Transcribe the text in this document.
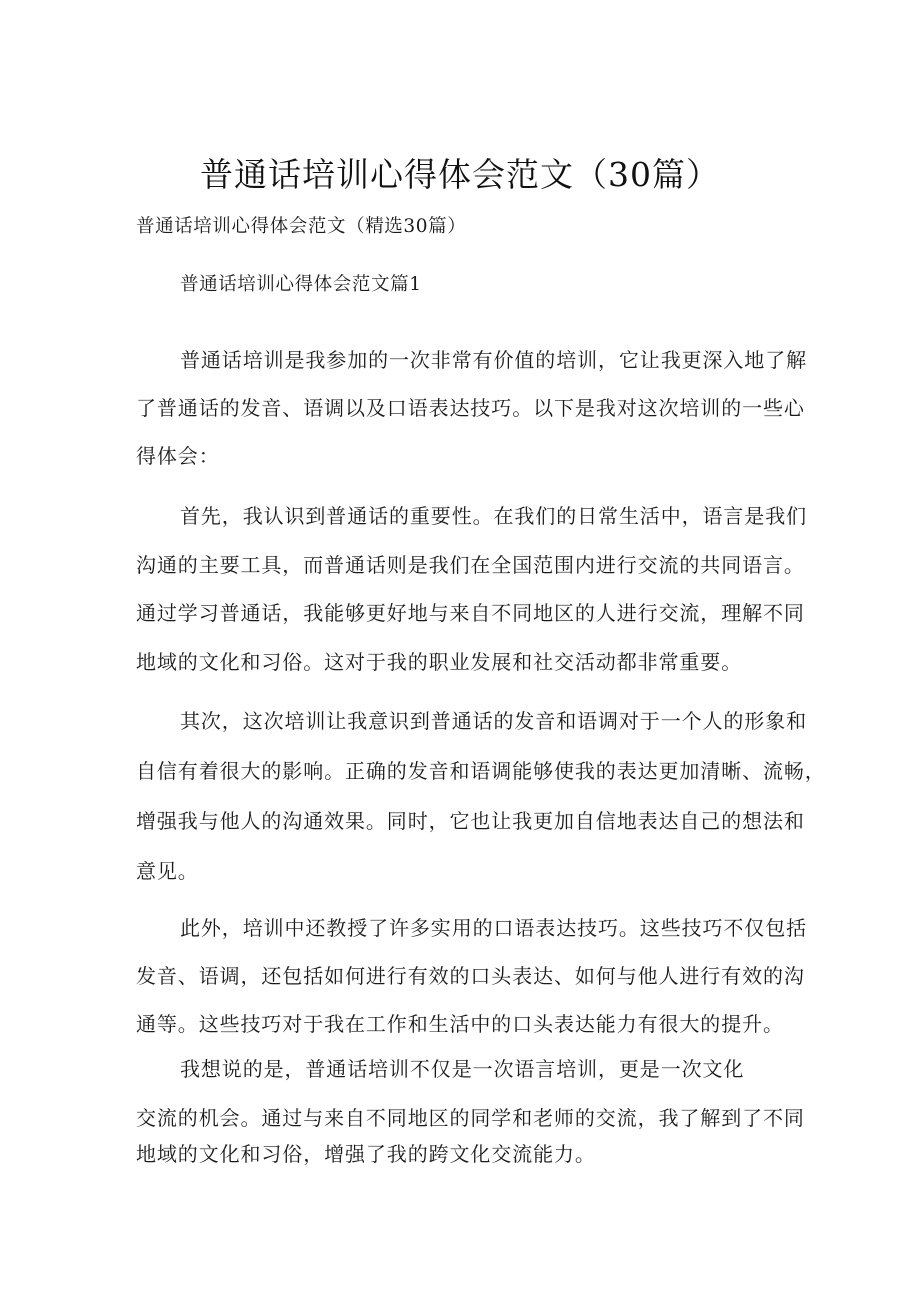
普通话培训心得体会范文（30篇）
普通话培训心得体会范文（精选30篇）
普通话培训心得体会范文篇1
普通话培训是我参加的一次非常有价值的培训，它让我更深入地了解
了普通话的发音、语调以及口语表达技巧。以下是我对这次培训的一些心
得体会：
首先，我认识到普通话的重要性。在我们的日常生活中，语言是我们
沟通的主要工具，而普通话则是我们在全国范围内进行交流的共同语言。
通过学习普通话，我能够更好地与来自不同地区的人进行交流，理解不同
地域的文化和习俗。这对于我的职业发展和社交活动都非常重要。
其次，这次培训让我意识到普通话的发音和语调对于一个人的形象和
自信有着很大的影响。正确的发音和语调能够使我的表达更加清晰、流畅，
增强我与他人的沟通效果。同时，它也让我更加自信地表达自己的想法和
意见。
此外，培训中还教授了许多实用的口语表达技巧。这些技巧不仅包括
发音、语调，还包括如何进行有效的口头表达、如何与他人进行有效的沟
通等。这些技巧对于我在工作和生活中的口头表达能力有很大的提升。
我想说的是，普通话培训不仅是一次语言培训，更是一次文化
交流的机会。通过与来自不同地区的同学和老师的交流，我了解到了不同
地域的文化和习俗，增强了我的跨文化交流能力。
